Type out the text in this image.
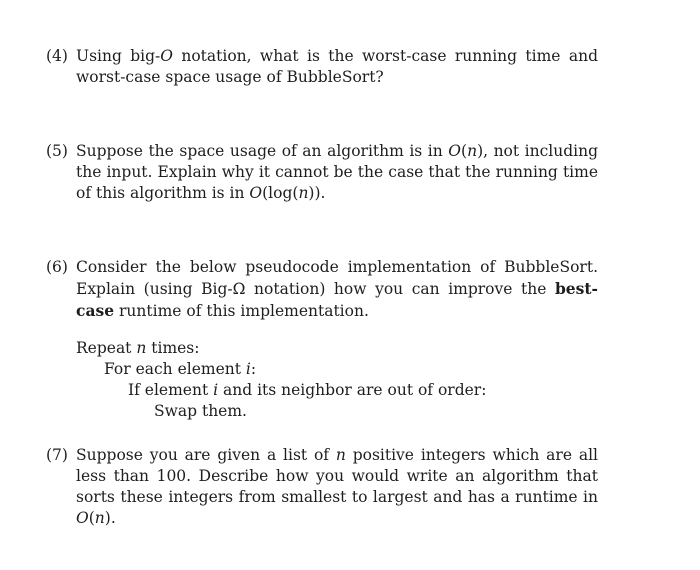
(4) Using big-O notation, what is the worst-case running time and worst-case space usage of BubbleSort?
(5) Suppose the space usage of an algorithm is in O(n), not including the input. Explain why it cannot be the case that the running time of this algorithm is in O(log(n)).
(6) Consider the below pseudocode implementation of BubbleSort. Explain (using Big-Ω notation) how you can improve the best-case runtime of this implementation.
Repeat n times:
For each element i:
If element i and its neighbor are out of order:
Swap them.
(7) Suppose you are given a list of n positive integers which are all less than 100. Describe how you would write an algorithm that sorts these integers from smallest to largest and has a runtime in O(n).
